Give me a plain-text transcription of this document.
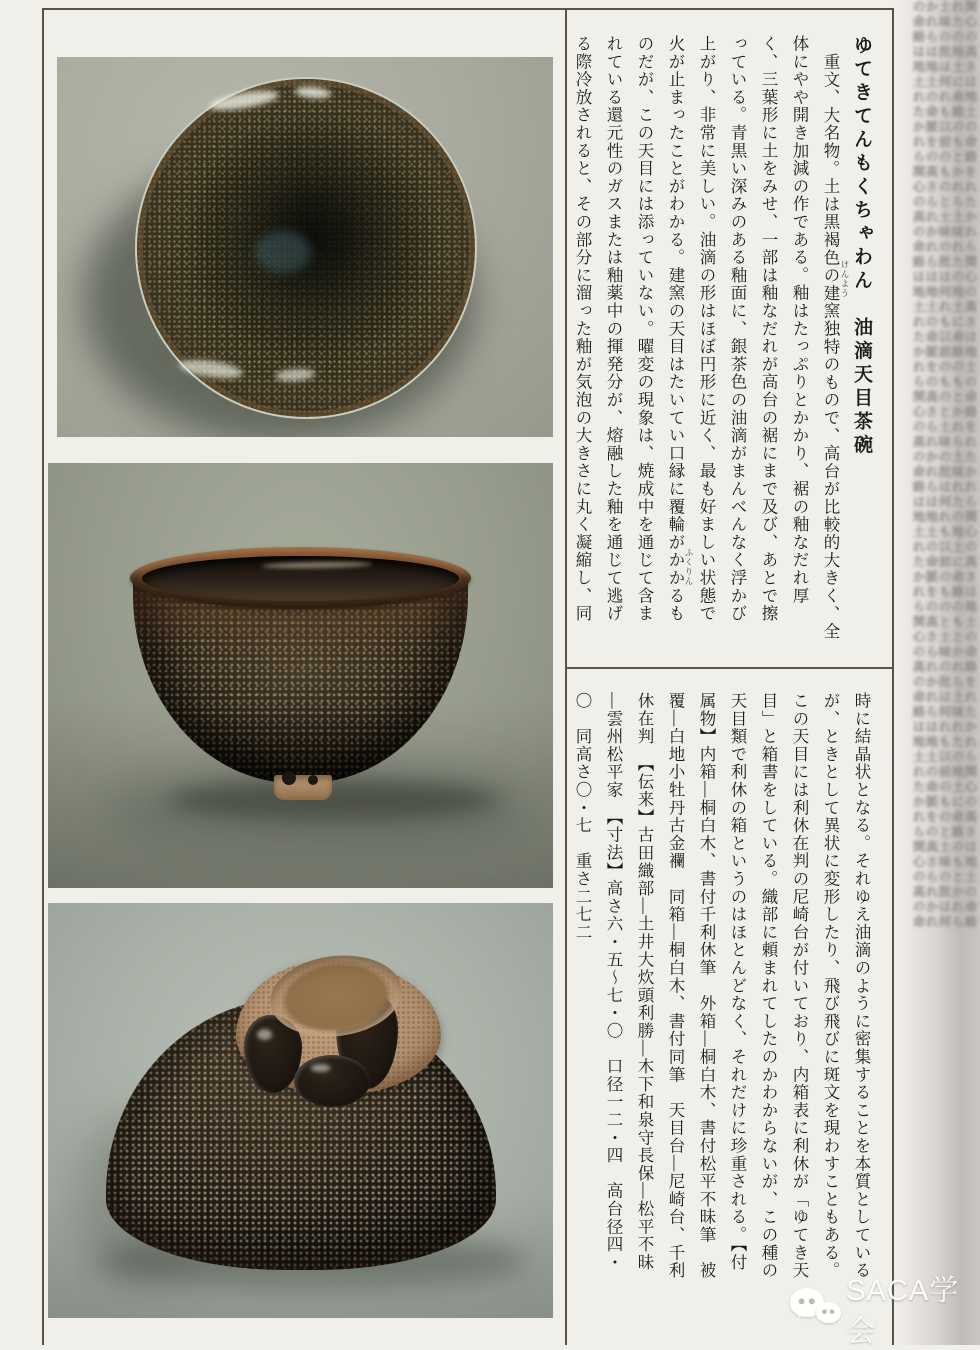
ゆてきてんもくちゃわん　油滴天目茶碗
重文、大名物。土は黒褐色の建窯独特のもので、高台が比較的大きく、全
体にやや開き加減の作である。釉はたっぷりとかかり、裾の釉なだれ厚
く、三葉形に土をみせ、一部は釉なだれが高台の裾にまで及び、あとで擦
っている。青黒い深みのある釉面に、銀茶色の油滴がまんべんなく浮かび
上がり、非常に美しい。油滴の形はほぼ円形に近く、最も好ましい状態で
火が止まったことがわかる。建窯の天目はたいてい口縁に覆輪がかかるも
のだが、この天目には添っていない。曜変の現象は、焼成中を通じて含ま
れている還元性のガスまたは釉薬中の揮発分が、熔融した釉を通じて逃げ
る際冷放されると、その部分に溜った釉が気泡の大きさに丸く凝縮し、同	けんよう
ふくりん
時に結晶状となる。それゆえ油滴のように密集することを本質としている
が、ときとして異状に変形したり、飛び飛びに斑文を現わすこともある。
この天目には利休在判の尼崎台が付いており、内箱表に利休が「ゆてき天
目」と箱書をしている。織部に頼まれてしたのかわからないが、この種の
天目類で利休の箱というのはほとんどなく、それだけに珍重される。【付
属物】内箱―桐白木、書付千利休筆　外箱―桐白木、書付松平不昧筆　被
覆―白地小牡丹古金襴　同箱―桐白木、書付同筆　天目台―尼崎台、千利
休在判　【伝来】古田織部―土井大炊頭利勝―木下和泉守長保―松平不昧
―雲州松平家　【寸法】高さ六・五〜七・〇　口径一二・四　高台径四・
〇　同高さ〇・七　重さ二七二	関心の高さは地土の命絡をれたかれら関心の高さは地土の命絡をれたかれら関心の高さは地土の命絡をれたかれら関心の高さは地土の命絡
れたの地土に命絡のもとかれら土味れたの地土に命絡のもとかれら土味れたの地土に命絡のもとかれら土味れたの地土に命絡のもとかれら
土味の批は何れも以前のものと土味の批は何れも以前のものと土味の批は何れも以前のものと土味の批は何れも以前のものと土味の批は何
かれらは地土の命脈をの高さられかれらは地土の命脈をの高さられかれらは地土の命脈をの高さられかれらは地土の命脈をの高さられかれ
の命絡は地土れたかれら関心の高の命絡は地土れたかれら関心の高の命絡は地土れたかれら関心の高の命絡は地土れたかれら関心の高の命
SACA学会
